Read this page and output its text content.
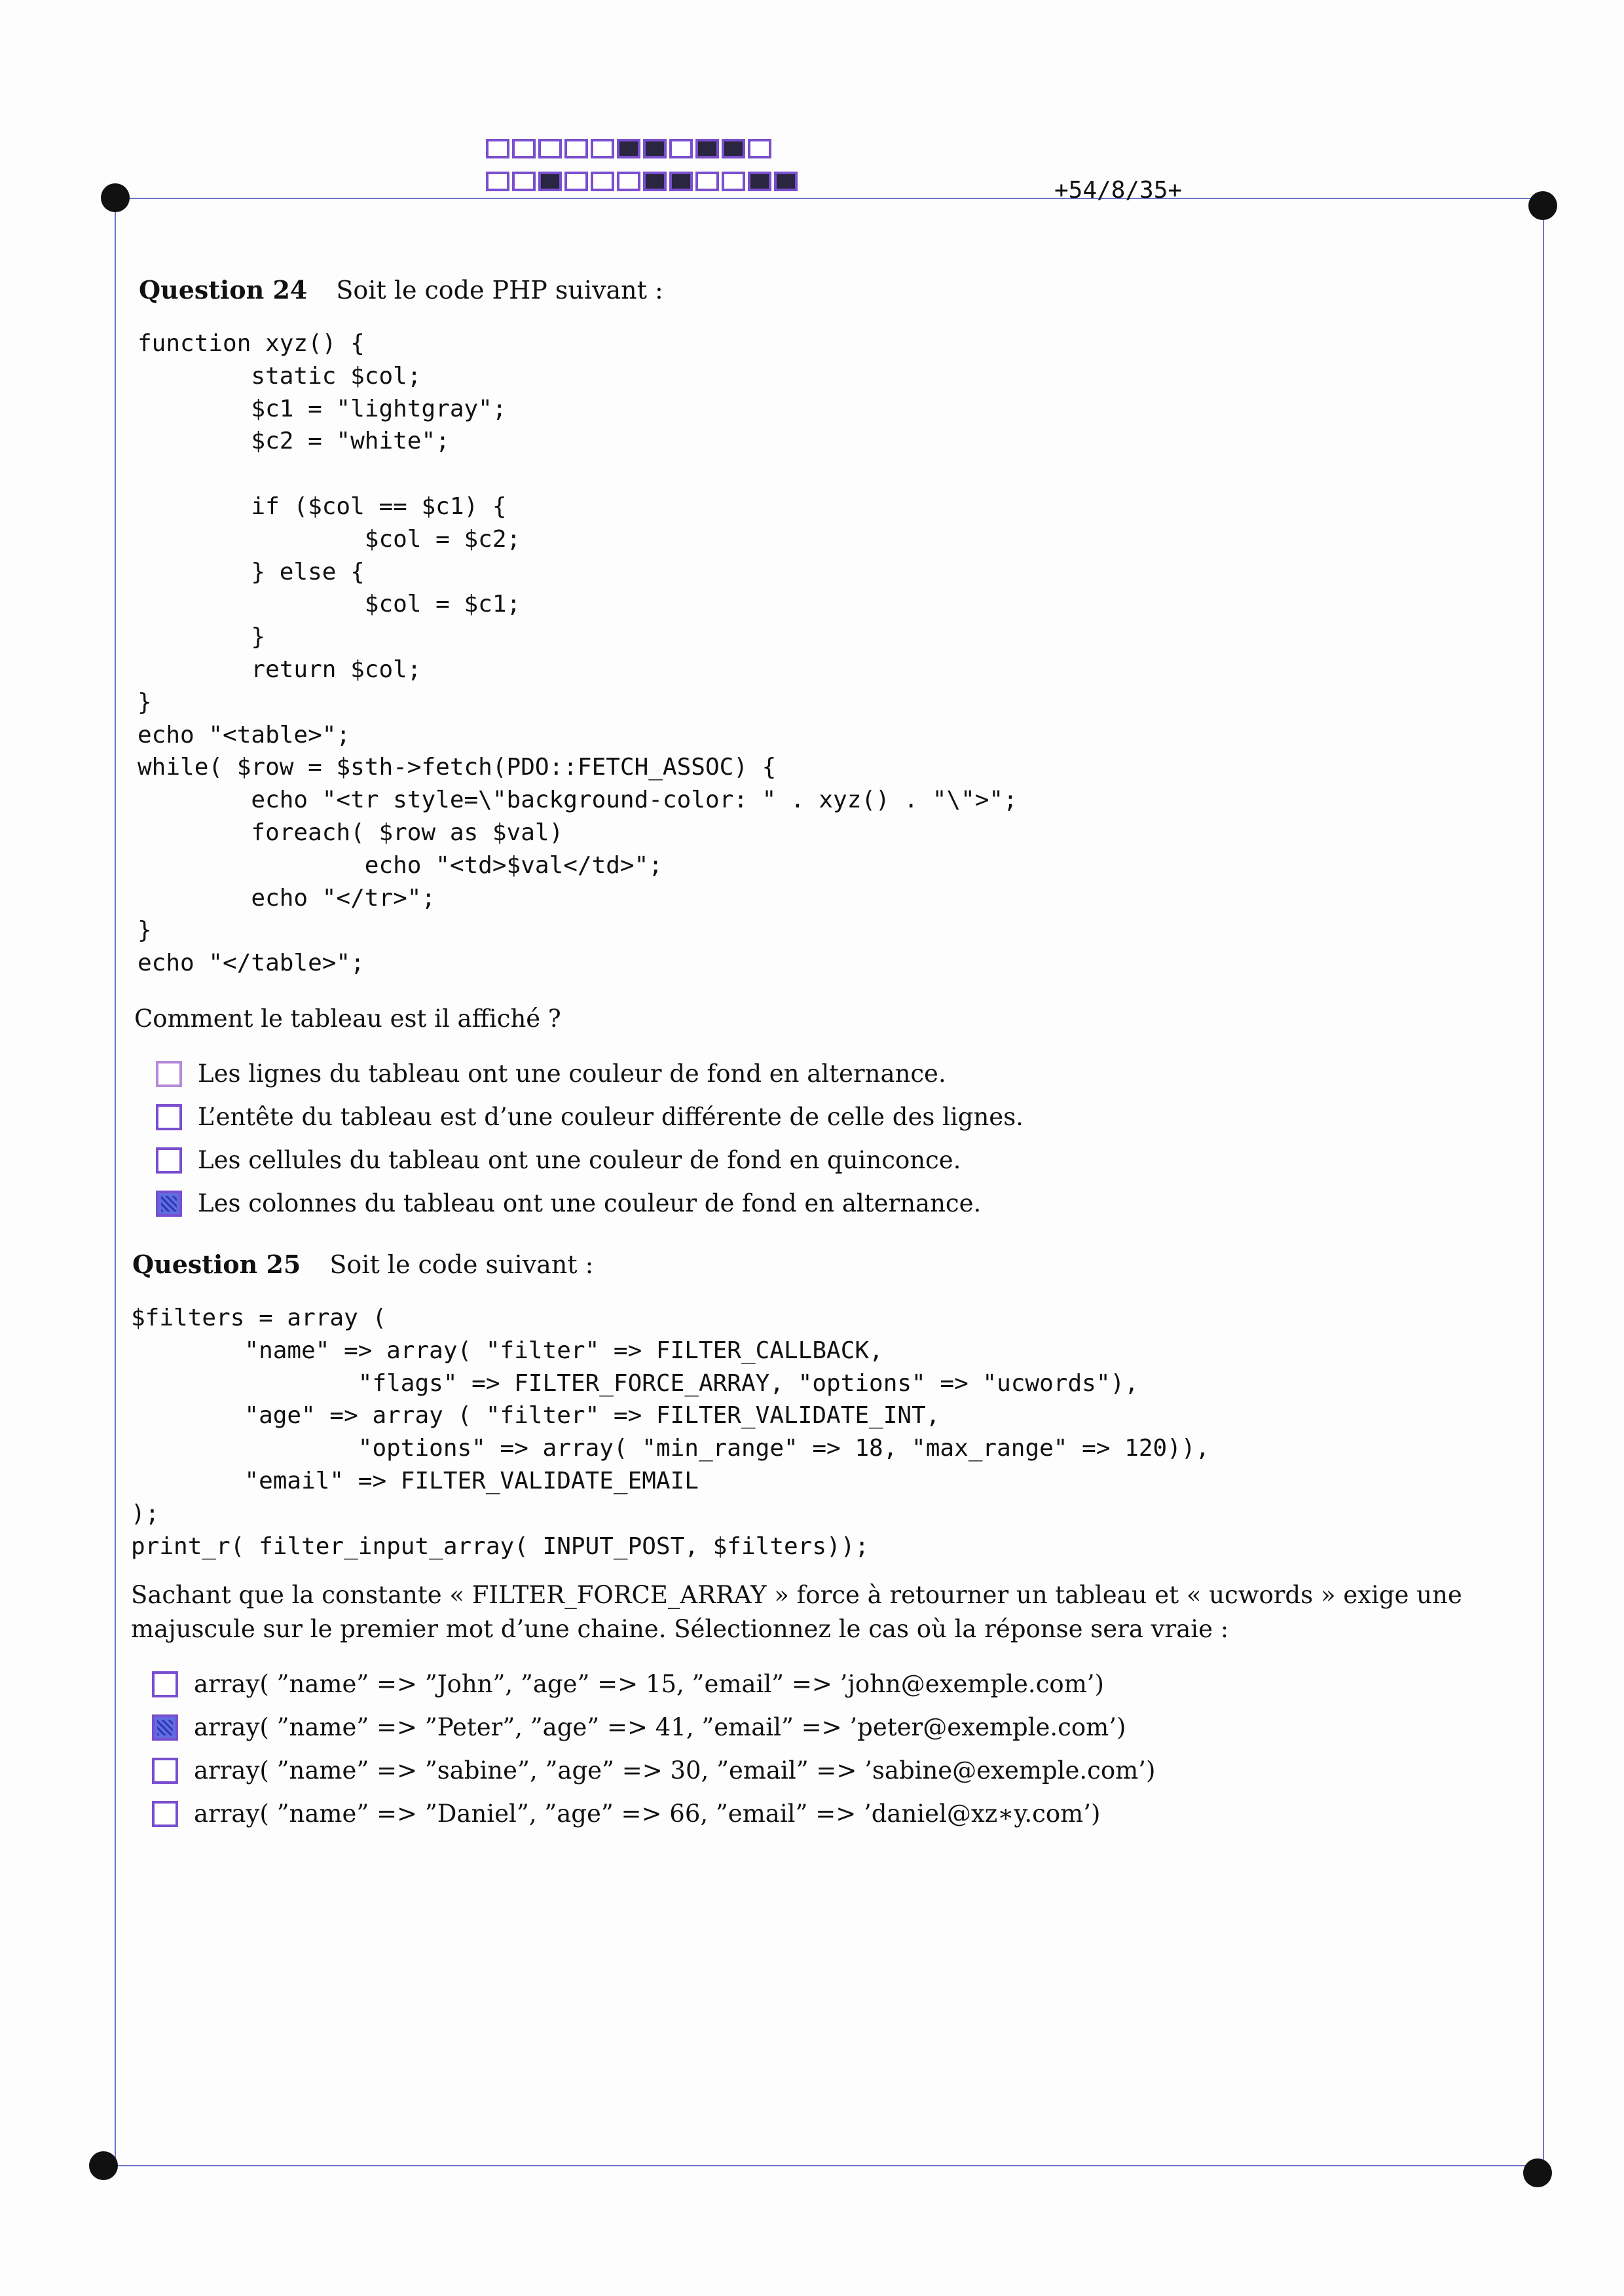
+54/8/35+
Question 24 Soit le code PHP suivant :
function xyz() {
static $col;
$c1 = "lightgray";
$c2 = "white";

if ($col == $c1) {
$col = $c2;
} else {
$col = $c1;
}
return $col;
}
echo "<table>";
while( $row = $sth->fetch(PDO::FETCH_ASSOC) {
echo "<tr style=\"background-color: " . xyz() . "\">";
foreach( $row as $val)
echo "<td>$val</td>";
echo "</tr>";
}
echo "</table>";
Comment le tableau est il affiché ?
Les lignes du tableau ont une couleur de fond en alternance.
L’entête du tableau est d’une couleur différente de celle des lignes.
Les cellules du tableau ont une couleur de fond en quinconce.
Les colonnes du tableau ont une couleur de fond en alternance.
Question 25 Soit le code suivant :
$filters = array (
"name" => array( "filter" => FILTER_CALLBACK,
"flags" => FILTER_FORCE_ARRAY, "options" => "ucwords"),
"age" => array ( "filter" => FILTER_VALIDATE_INT,
"options" => array( "min_range" => 18, "max_range" => 120)),
"email" => FILTER_VALIDATE_EMAIL
);
print_r( filter_input_array( INPUT_POST, $filters));
Sachant que la constante « FILTER_FORCE_ARRAY » force à retourner un tableau et « ucwords » exige une majuscule sur le premier mot d’une chaine. Sélectionnez le cas où la réponse sera vraie :
array( ”name” => ”John”, ”age” => 15, ”email” => ’john@exemple.com’)
array( ”name” => ”Peter”, ”age” => 41, ”email” => ’peter@exemple.com’)
array( ”name” => ”sabine”, ”age” => 30, ”email” => ’sabine@exemple.com’)
array( ”name” => ”Daniel”, ”age” => 66, ”email” => ’daniel@xz∗y.com’)
